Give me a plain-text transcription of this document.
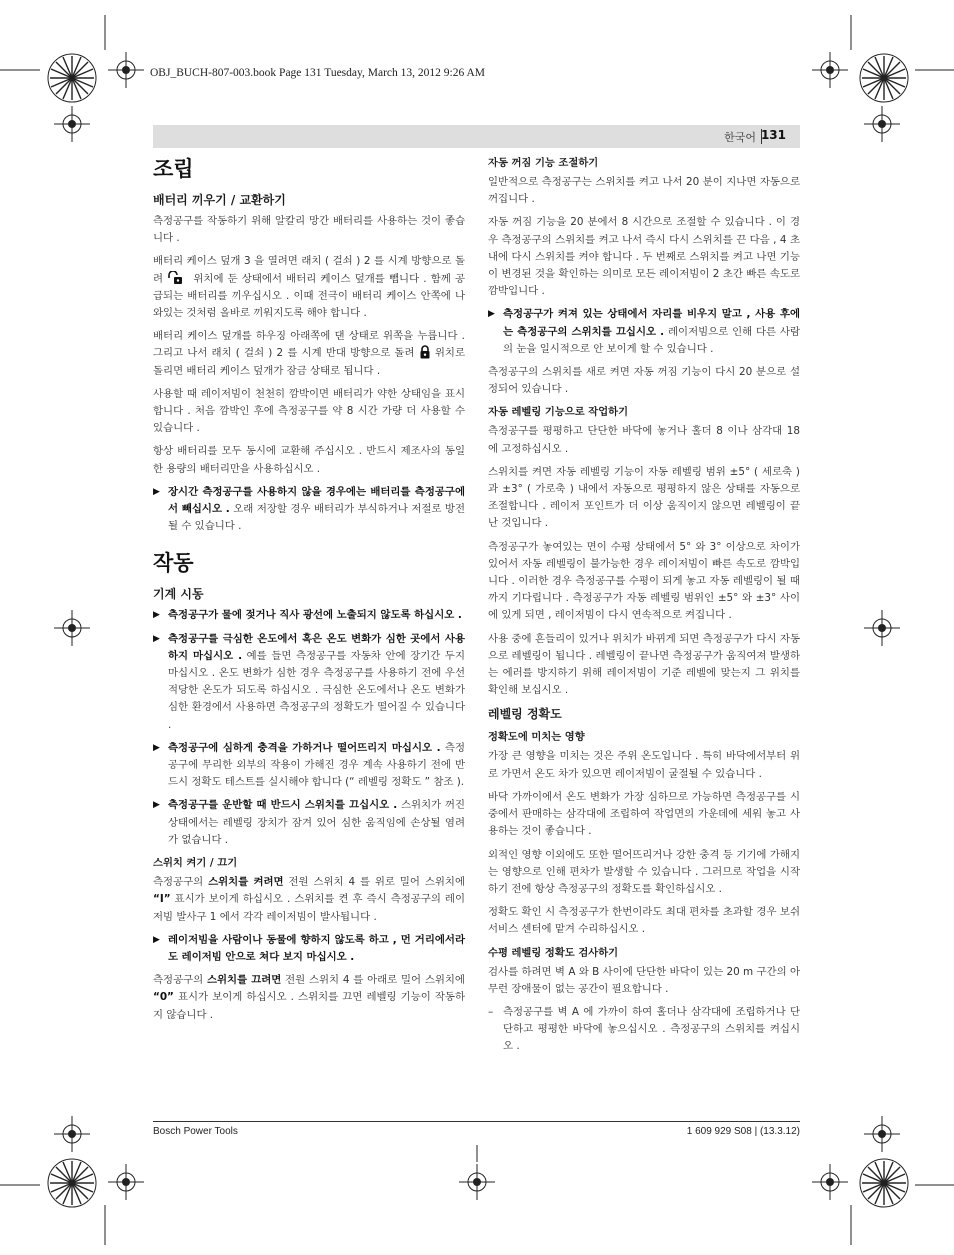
OBJ_BUCH-807-003.book Page 131 Tuesday, March 13, 2012 9:26 AM
한국어 131
조립
배터리 끼우기 / 교환하기

측정공구를 작동하기 위해 알칼리 망간 배터리를 사용하는 것이 좋습니다 .

배터리 케이스 덮개 3 을 열려면 래치 ( 걸쇠 ) 2 를 시계 방향으로 돌려	위치에 둔 상태에서 배터리 케이스 덮개를 뺍니다 . 함께 공급되는 배터리를 끼우십시오 . 이때 전극이 배터리 케이스 안쪽에 나와있는 것처럼 올바로 끼워지도록 해야 합니다 .

배터리 케이스 덮개를 하우징 아래쪽에 댄 상태로 위쪽을 누릅니다 . 그리고 나서 래치 ( 걸쇠 ) 2 를 시계 반대 방향으로 돌려 위치로 돌리면 배터리 케이스 덮개가 잠금 상태로 됩니다 .

사용할 때 레이저빔이 천천히 깜박이면 배터리가 약한 상태임을 표시합니다 . 처음 깜박인 후에 측정공구를 약 8 시간 가량 더 사용할 수 있습니다 .

항상 배터리를 모두 동시에 교환해 주십시오 . 반드시 제조사의 동일한 용량의 배터리만을 사용하십시오 .

▶ 장시간 측정공구를 사용하지 않을 경우에는 배터리를 측정공구에서 빼십시오 . 오래 저장할 경우 배터리가 부식하거나 저절로 방전될 수 있습니다 .
작동
기계 시동
▶ 측정공구가 물에 젖거나 직사 광선에 노출되지 않도록 하십시오 .
▶ 측정공구를 극심한 온도에서 혹은 온도 변화가 심한 곳에서 사용하지 마십시오 . 예를 들면 측정공구를 자동차 안에 장기간 두지 마십시오 . 온도 변화가 심한 경우 측정공구를 사용하기 전에 우선 적당한 온도가 되도록 하십시오 . 극심한 온도에서나 온도 변화가 심한 환경에서 사용하면 측정공구의 정확도가 떨어질 수 있습니다 .
▶ 측정공구에 심하게 충격을 가하거나 떨어뜨리지 마십시오 . 측정공구에 무리한 외부의 작용이 가해진 경우 계속 사용하기 전에 반드시 정확도 테스트를 실시해야 합니다 (“ 레벨링 정확도 ” 참조 ).
▶ 측정공구를 운반할 때 반드시 스위치를 끄십시오 . 스위치가 꺼진 상태에서는 레벨링 장치가 잠겨 있어 심한 움직임에 손상될 염려가 없습니다 .
스위치 켜기 / 끄기

측정공구의 스위치를 켜려면 전원 스위치 4 를 위로 밀어 스위치에 “I” 표시가 보이게 하십시오 . 스위치를 켠 후 즉시 측정공구의 레이저빔 발사구 1 에서 각각 레이저빔이 발사됩니다 .

▶ 레이저빔을 사람이나 동물에 향하지 않도록 하고 , 먼 거리에서라도 레이저빔 안으로 쳐다 보지 마십시오 .

측정공구의 스위치를 끄려면 전원 스위치 4 를 아래로 밀어 스위치에 “0” 표시가 보이게 하십시오 . 스위치를 끄면 레벨링 기능이 작동하지 않습니다 .

자동 꺼짐 기능 조절하기

일반적으로 측정공구는 스위치를 켜고 나서 20 분이 지나면 자동으로 꺼집니다 .

자동 꺼짐 기능을 20 분에서 8 시간으로 조절할 수 있습니다 . 이 경우 측정공구의 스위치를 켜고 나서 즉시 다시 스위치를 끈 다음 , 4 초 내에 다시 스위치를 켜야 합니다 . 두 번째로 스위치를 켜고 나면 기능이 변경된 것을 확인하는 의미로 모든 레이저빔이 2 초간 빠른 속도로 깜박입니다 .

▶ 측정공구가 켜져 있는 상태에서 자리를 비우지 말고 , 사용 후에는 측정공구의 스위치를 끄십시오 . 레이저빔으로 인해 다른 사람의 눈을 일시적으로 안 보이게 할 수 있습니다 .

측정공구의 스위치를 새로 켜면 자동 꺼짐 기능이 다시 20 분으로 설정되어 있습니다 .

자동 레벨링 기능으로 작업하기

측정공구를 평평하고 단단한 바닥에 놓거나 홀더 8 이나 삼각대 18 에 고정하십시오 .

스위치를 켜면 자동 레벨링 기능이 자동 레벨링 범위 ±5° ( 세로축 ) 과 ±3° ( 가로축 ) 내에서 자동으로 평평하지 않은 상태를 자동으로 조절합니다 . 레이저 포인트가 더 이상 움직이지 않으면 레벨링이 끝난 것입니다 .

측정공구가 놓여있는 면이 수평 상태에서 5° 와 3° 이상으로 차이가 있어서 자동 레벨링이 불가능한 경우 레이저빔이 빠른 속도로 깜박입니다 . 이러한 경우 측정공구를 수평이 되게 놓고 자동 레벨링이 될 때까지 기다립니다 . 측정공구가 자동 레벨링 범위인 ±5° 와 ±3° 사이에 있게 되면 , 레이저빔이 다시 연속적으로 켜집니다 .

사용 중에 흔들리이 있거나 위치가 바뀌게 되면 측정공구가 다시 자동으로 레벨링이 됩니다 . 레벨링이 끝나면 측정공구가 움직여져 발생하는 에러를 방지하기 위해 레이저빔이 기준 레벨에 맞는지 그 위치를 확인해 보십시오 .

레벨링 정확도
정확도에 미치는 영향

가장 큰 영향을 미치는 것은 주위 온도입니다 . 특히 바닥에서부터 위로 가면서 온도 차가 있으면 레이저빔이 굴절될 수 있습니다 .

바닥 가까이에서 온도 변화가 가장 심하므로 가능하면 측정공구를 시중에서 판매하는 삼각대에 조립하여 작업면의 가운데에 세워 놓고 사용하는 것이 좋습니다 .

외적인 영향 이외에도 또한 떨어뜨리거나 강한 충격 등 기기에 가해지는 영향으로 인해 편차가 발생할 수 있습니다 . 그러므로 작업을 시작하기 전에 항상 측정공구의 정확도를 확인하십시오 .

정확도 확인 시 측정공구가 한번이라도 최대 편차를 초과할 경우 보쉬 서비스 센터에 맡겨 수리하십시오 .

수평 레벨링 정확도 검사하기

검사를 하려면 벽 A 와 B 사이에 단단한 바닥이 있는 20 m 구간의 아무런 장애물이 없는 공간이 필요합니다 .

– 측정공구를 벽 A 에 가까이 하여 홀더나 삼각대에 조립하거나 단단하고 평평한 바닥에 놓으십시오 . 측정공구의 스위치를 켜십시오 .
Bosch Power Tools	1 609 929 S08 | (13.3.12)
